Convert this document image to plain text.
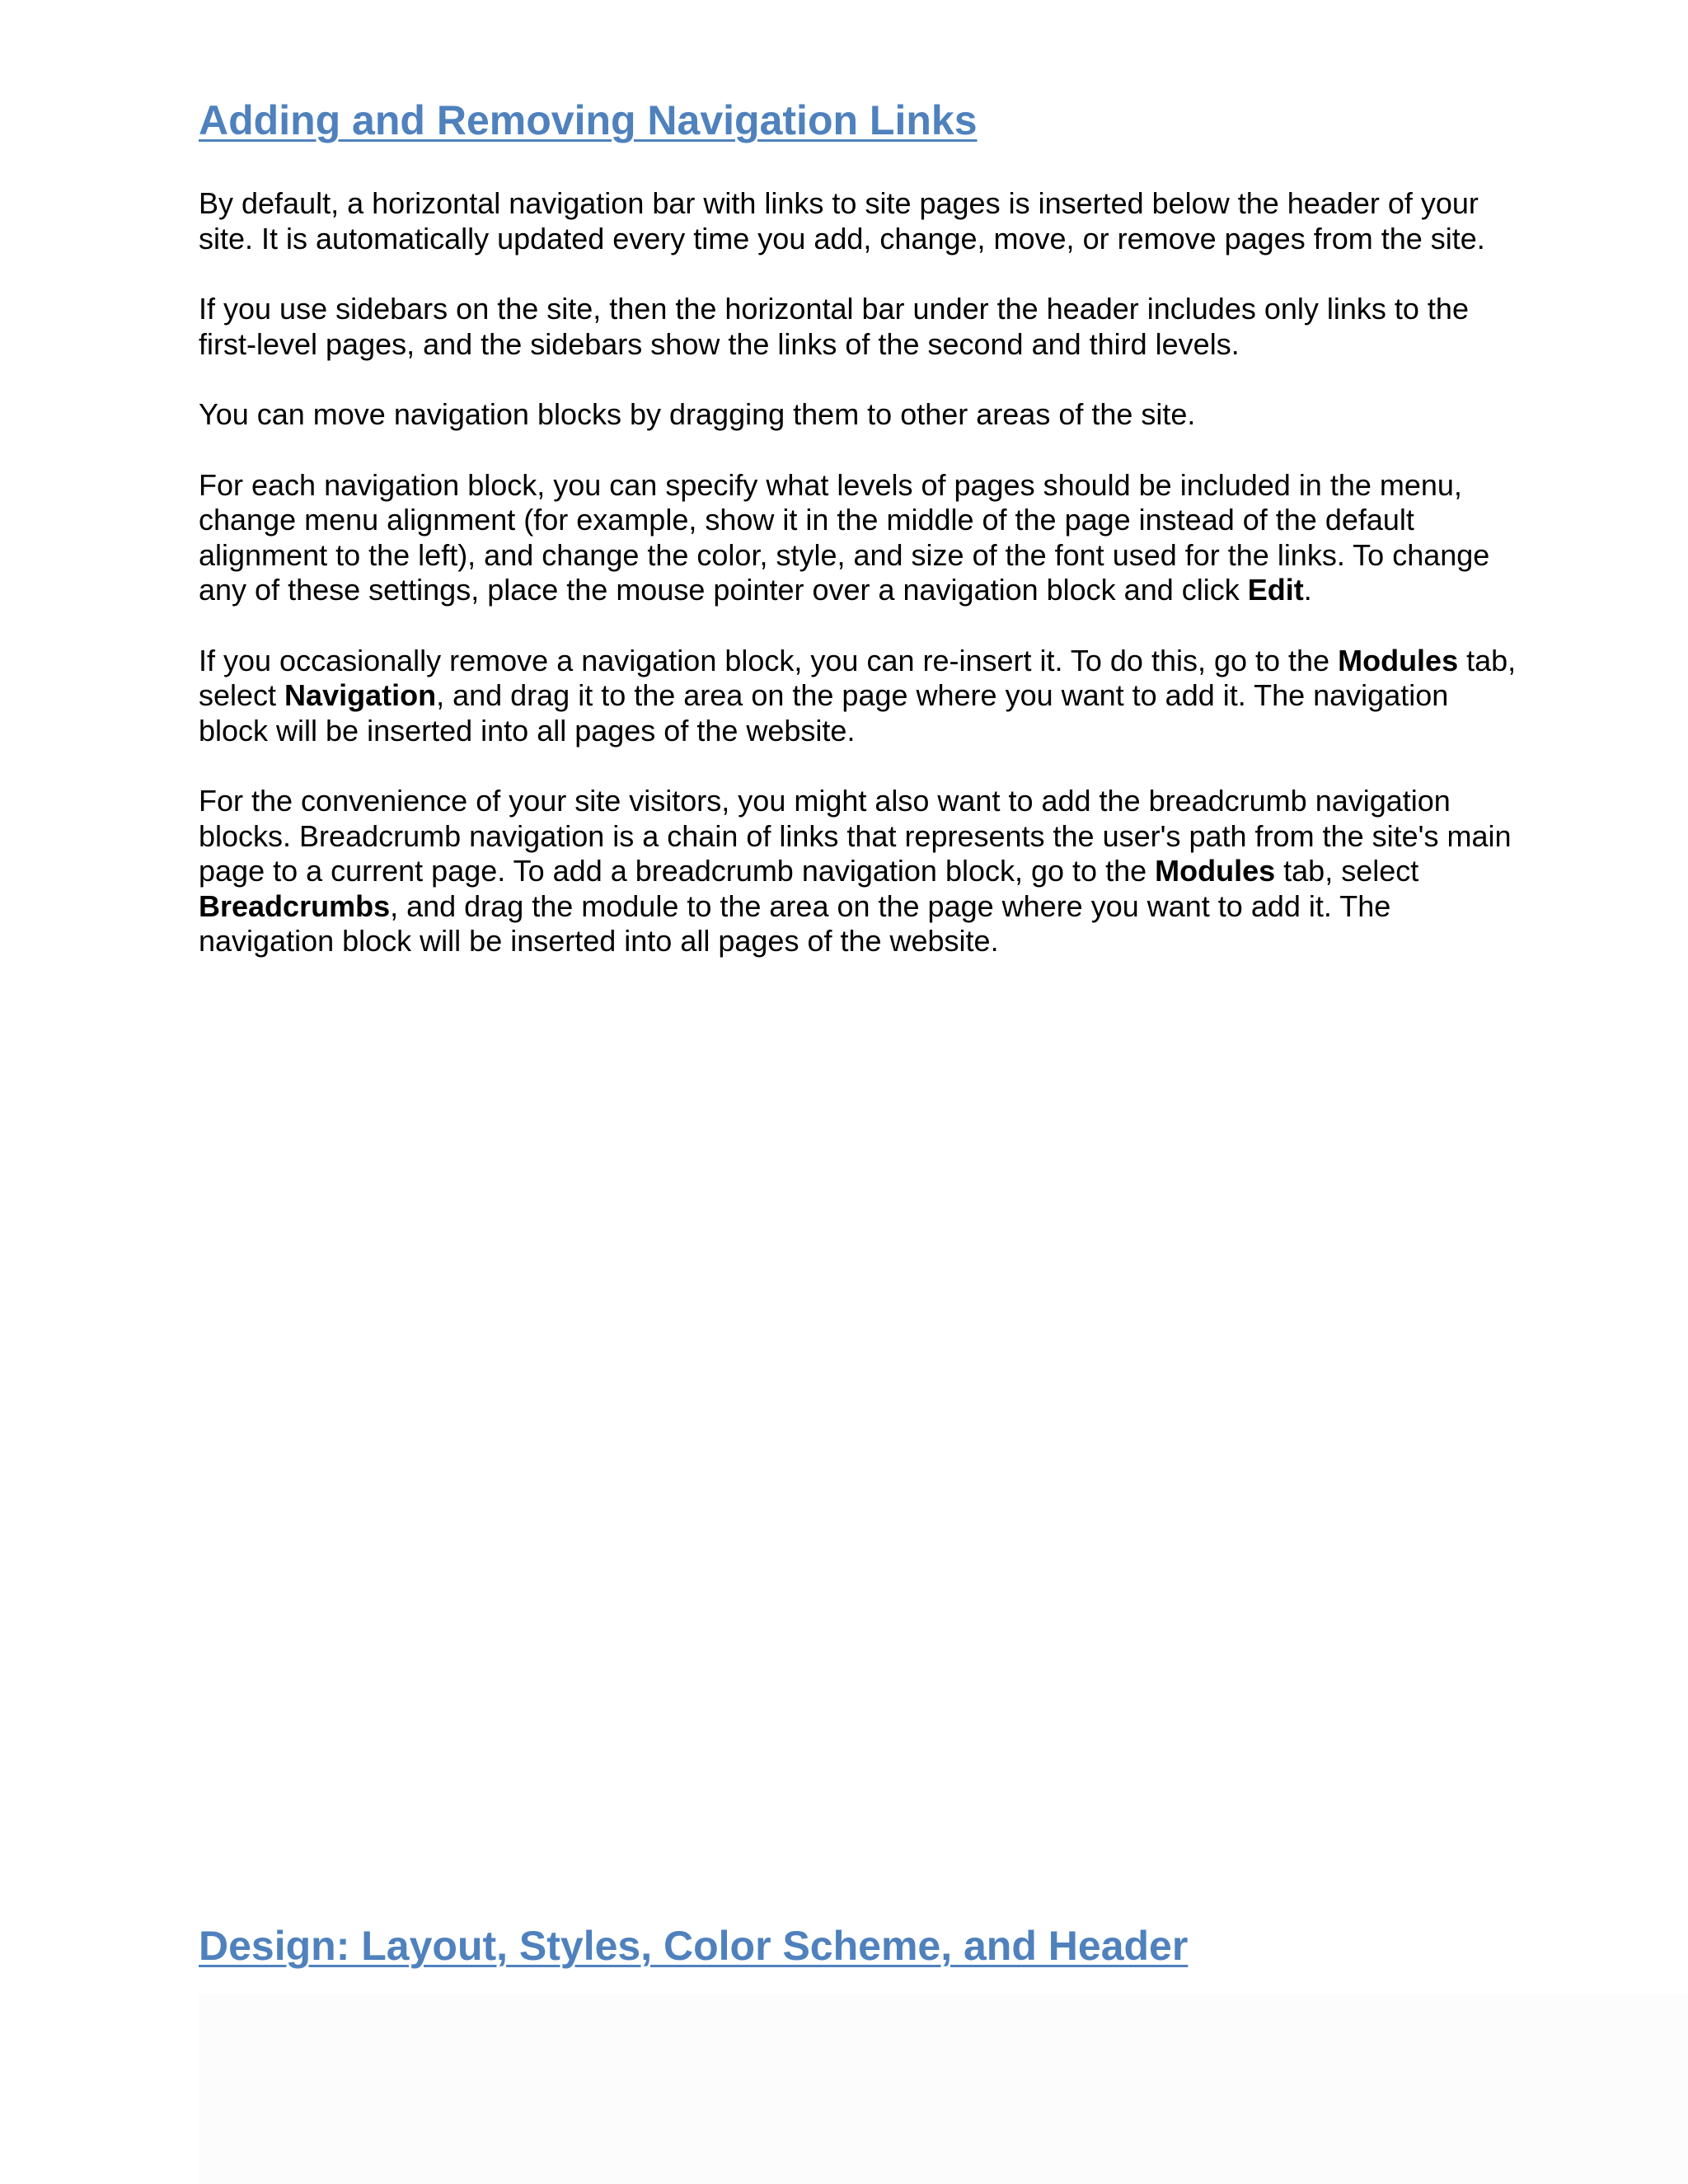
Adding and Removing Navigation Links

By default, a horizontal navigation bar with links to site pages is inserted below the header of your site. It is automatically updated every time you add, change, move, or remove pages from the site.

If you use sidebars on the site, then the horizontal bar under the header includes only links to the first-level pages, and the sidebars show the links of the second and third levels.

You can move navigation blocks by dragging them to other areas of the site.

For each navigation block, you can specify what levels of pages should be included in the menu, change menu alignment (for example, show it in the middle of the page instead of the default alignment to the left), and change the color, style, and size of the font used for the links. To change any of these settings, place the mouse pointer over a navigation block and click Edit.

If you occasionally remove a navigation block, you can re-insert it. To do this, go to the Modules tab, select Navigation, and drag it to the area on the page where you want to add it. The navigation block will be inserted into all pages of the website.

For the convenience of your site visitors, you might also want to add the breadcrumb navigation blocks. Breadcrumb navigation is a chain of links that represents the user's path from the site's main page to a current page. To add a breadcrumb navigation block, go to the Modules tab, select Breadcrumbs, and drag the module to the area on the page where you want to add it. The navigation block will be inserted into all pages of the website.

Design: Layout, Styles, Color Scheme, and Header
